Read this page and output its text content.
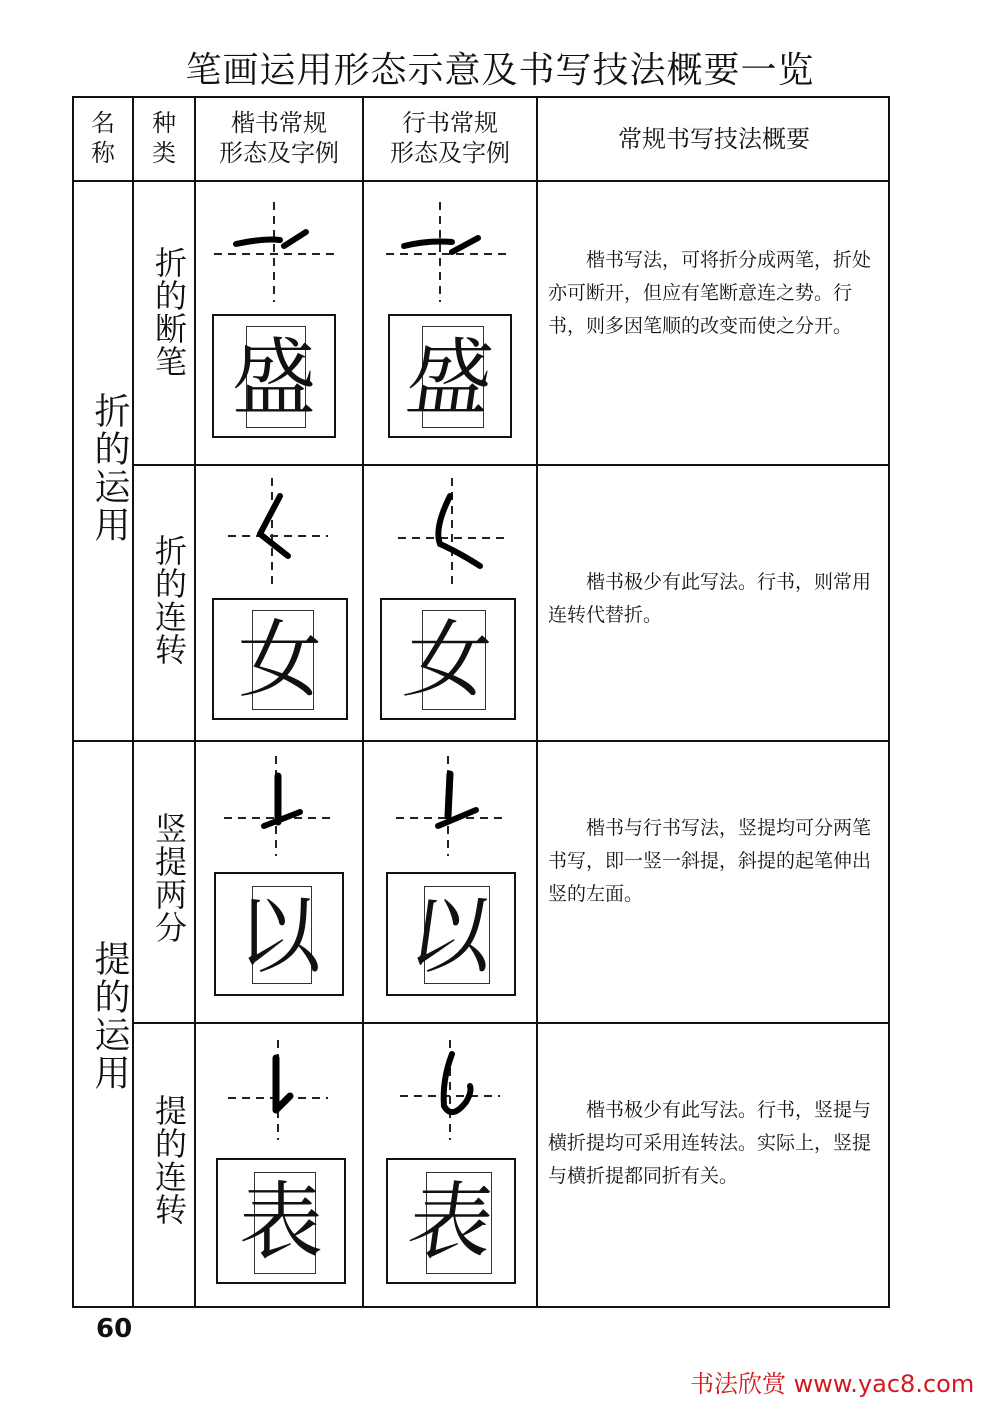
笔画运用形态示意及书写技法概要一览
名
称
种
类
楷书常规
形态及字例
行书常规
形态及字例	常规书写技法概要
折的运用
提的运用
折的断笔
折的连转
竖提两分
提的连转
盛 盛
楷书写法，可将折分成两笔，折处亦可断开，但应有笔断意连之势。行书，则多因笔顺的改变而使之分开。
女 女
楷书极少有此写法。行书，则常用连转代替折。
以 以
楷书与行书写法，竖提均可分两笔书写，即一竖一斜提，斜提的起笔伸出竖的左面。
表 表
楷书极少有此写法。行书，竖提与横折提均可采用连转法。实际上，竖提与横折提都同折有关。
60
书法欣赏 www.yac8.com
